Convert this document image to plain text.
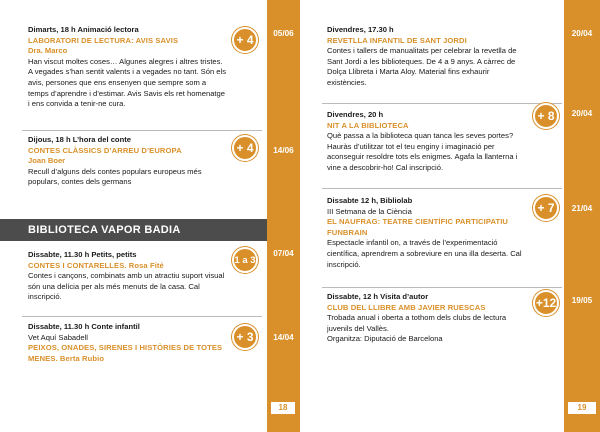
Dimarts, 18 h Animació lectora
LABORATORI DE LECTURA: AVIS SAVIS
Dra. Marco
Han viscut moltes coses… Algunes alegres i altres tristes. A vegades s’han sentit valents i a vegades no tant. Són els avis, persones que ens ensenyen que sempre som a temps d’aprendre i d’estimar. Avis Savis els ret homenatge i ens convida a tenir-ne cura.
+ 4	05/06
Dijous, 18 h L’hora del conte
CONTES CLÀSSICS D’ARREU D’EUROPA
Joan Boer
Recull d’alguns dels contes populars europeus més populars, contes dels germans
+ 4	14/06
BIBLIOTECA VAPOR BADIA
Dissabte, 11.30 h Petits, petits
CONTES I CONTARELLES. Rosa Fité
Contes i cançons, combinats amb un atractiu suport visual són una delícia per als més menuts de la casa. Cal inscripció.
1 a 3
07/04
Dissabte, 11.30 h Conte infantil
Vet Aquí Sabadell
PEIXOS, ONADES, SIRENES I HISTÒRIES DE TOTES MENES. Berta Rubio
+ 3	14/04
18
Divendres, 17.30 h
REVETLLA INFANTIL DE SANT JORDI
Contes i tallers de manualitats per celebrar la revetlla de Sant Jordi a les biblioteques. De 4 a 9 anys. A càrrec de Dolça Llibreta i Marta Aloy. Material fins exhaurir existències.
20/04
Divendres, 20 h
NIT A LA BIBLIOTECA
Què passa a la biblioteca quan tanca les seves portes? Hauràs d’utilitzar tot el teu enginy i imaginació per aconseguir resoldre tots els enigmes. Agafa la llanterna i vine a descobrir-ho! Cal inscripció.
+ 8	20/04
Dissabte 12 h, Bibliolab
III Setmana de la Ciència
EL NAUFRAG: TEATRE CIENTÍFIC PARTICIPATIU FUNBRAIN
Espectacle infantil on, a través de l’experimentació científica, aprendrem a sobreviure en una illa deserta. Cal inscripció.
+ 7	21/04
Dissabte, 12 h Visita d’autor
CLUB DEL LLIBRE AMB JAVIER RUESCAS
Trobada anual i oberta a tothom dels clubs de lectura juvenils del Vallès.
Organitza: Diputació de Barcelona
+12	19/05
19
